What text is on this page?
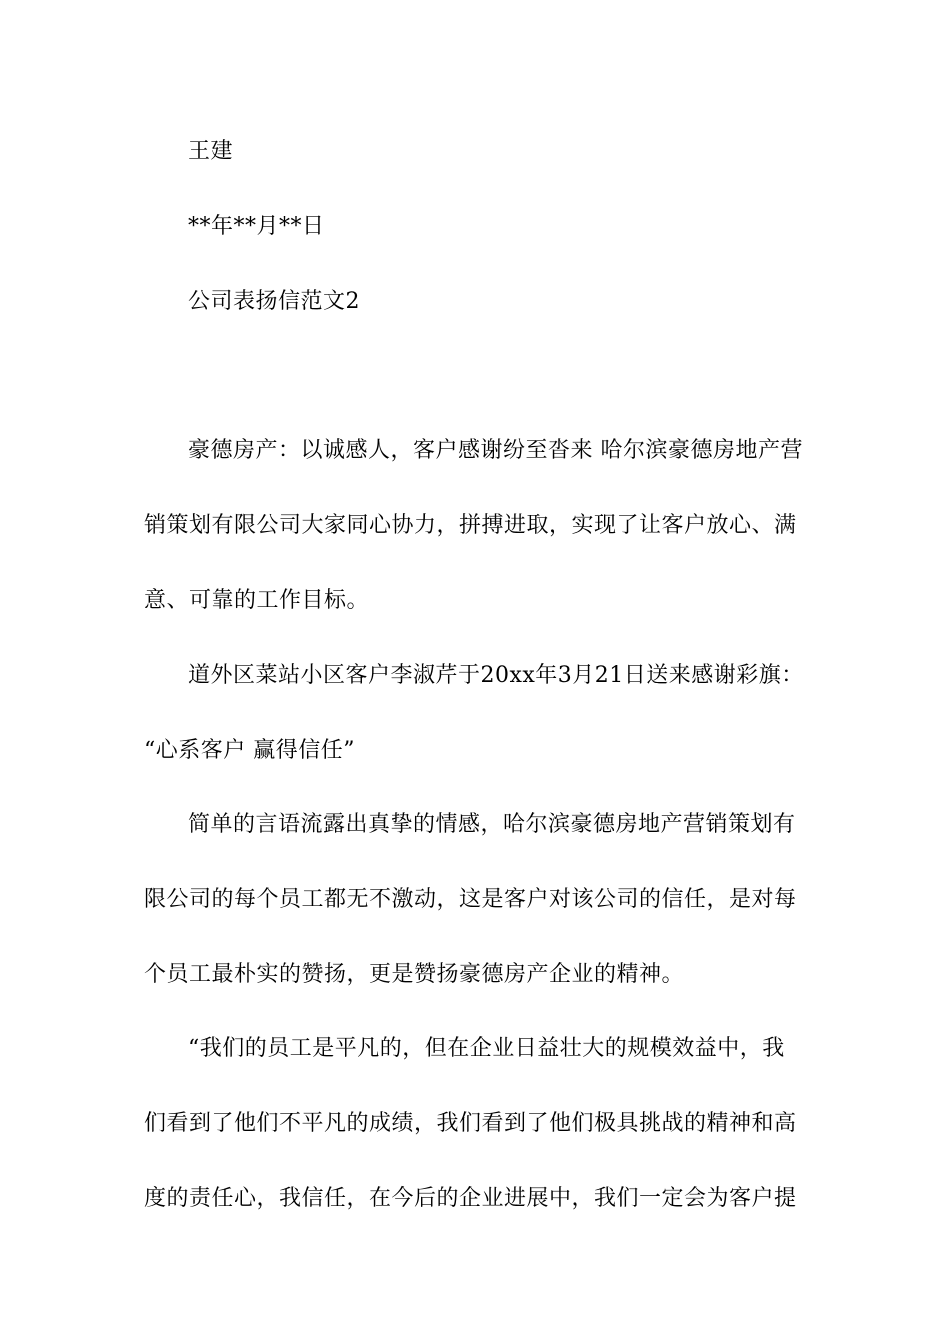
王建
**年**月**日
公司表扬信范文2
豪德房产：以诚感人，客户感谢纷至沓来 哈尔滨豪德房地产营
销策划有限公司大家同心协力，拼搏进取，实现了让客户放心、满
意、可靠的工作目标。
道外区菜站小区客户李淑芹于20xx年3月21日送来感谢彩旗：
“心系客户 赢得信任”
简单的言语流露出真挚的情感，哈尔滨豪德房地产营销策划有
限公司的每个员工都无不激动，这是客户对该公司的信任，是对每
个员工最朴实的赞扬，更是赞扬豪德房产企业的精神。
“我们的员工是平凡的，但在企业日益壮大的规模效益中，我
们看到了他们不平凡的成绩，我们看到了他们极具挑战的精神和高
度的责任心，我信任，在今后的企业进展中，我们一定会为客户提
